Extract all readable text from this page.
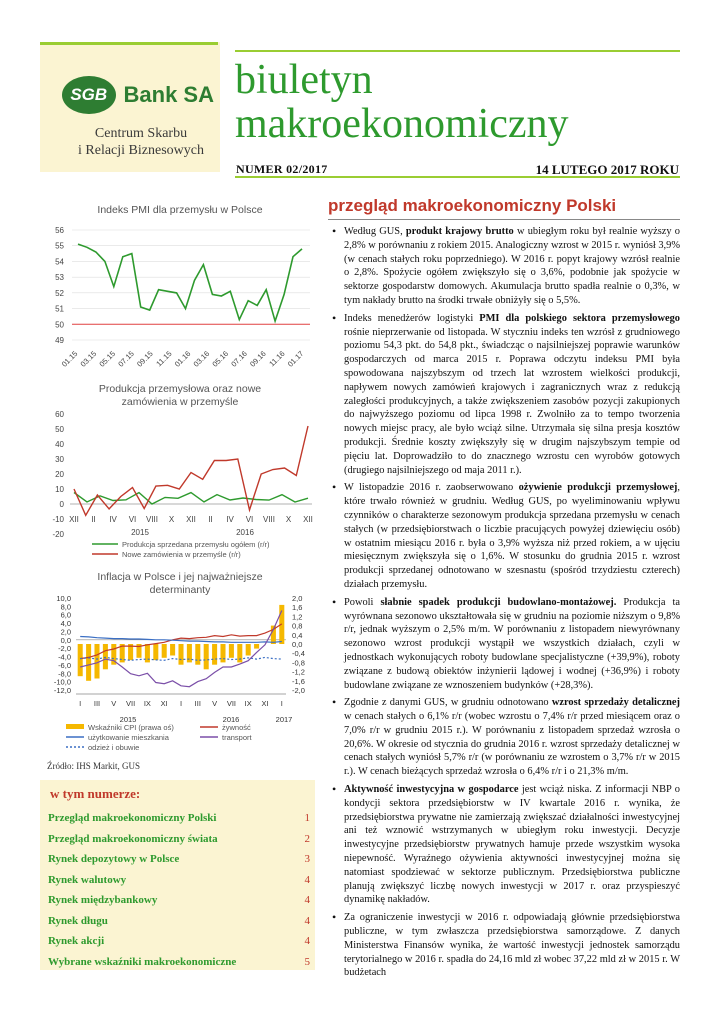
SGB Bank SA
Centrum Skarbu
i Relacji Biznesowych
biuletyn
makroekonomiczny
NUMER 02/2017	14 LUTEGO 2017 ROKU
przegląd makroekonomiczny Polski
• Według GUS, produkt krajowy brutto w ubiegłym roku był realnie wyższy o 2,8% w porównaniu z rokiem 2015. Analogiczny wzrost w 2015 r. wyniósł 3,9% (w cenach stałych roku poprzedniego). W 2016 r. popyt krajowy wzrósł realnie o 2,8%. Spożycie ogółem zwiększyło się o 3,6%, podobnie jak spożycie w sektorze gospodarstw domowych. Akumulacja brutto spadła realnie o 0,3%, w tym nakłady brutto na środki trwałe obniżyły się o 5,5%.
• Indeks menedżerów logistyki PMI dla polskiego sektora przemysłowego rośnie nieprzerwanie od listopada. W styczniu indeks ten wzrósł z grudniowego poziomu 54,3 pkt. do 54,8 pkt., świadcząc o najsilniejszej poprawie warunków gospodarczych od marca 2015 r. Poprawa odczytu indeksu PMI była spowodowana najszybszym od trzech lat wzrostem wielkości produkcji, napływem nowych zamówień krajowych i zagranicznych wraz z redukcją zaległości produkcyjnych, a także zwiększeniem zasobów pozycji zakupionych do najwyższego poziomu od lipca 1998 r. Zwolniło za to tempo tworzenia nowych miejsc pracy, ale było wciąż silne. Utrzymała się silna presja kosztów produkcji. Średnie koszty zwiększyły się w drugim najszybszym tempie od pięciu lat. Doprowadziło to do znacznego wzrostu cen wyrobów gotowych (drugiego najsilniejszego od maja 2011 r.).
• W listopadzie 2016 r. zaobserwowano ożywienie produkcji przemysłowej, które trwało również w grudniu. Według GUS, po wyeliminowaniu wpływu czynników o charakterze sezonowym produkcja sprzedana przemysłu w cenach stałych (w przedsiębiorstwach o liczbie pracujących powyżej dziewięciu osób) w ostatnim miesiącu 2016 r. była o 3,9% wyższa niż przed rokiem, a w ujęciu miesięcznym zwiększyła się o 1,6%. W stosunku do grudnia 2015 r. wzrost produkcji sprzedanej odnotowano w szesnastu (spośród trzydziestu czterech) działach przemysłu.
• Powoli słabnie spadek produkcji budowlano-montażowej. Produkcja ta wyrównana sezonowo ukształtowała się w grudniu na poziomie niższym o 9,8% r/r, jednak wyższym o 2,5% m/m. W porównaniu z listopadem niewyrównany sezonowo wzrost produkcji wystąpił we wszystkich działach, czyli w jednostkach wykonujących roboty budowlane specjalistyczne (+39,9%), roboty związane z budową obiektów inżynierii lądowej i wodnej (+36,9%) i roboty budowlane związane ze wznoszeniem budynków (+28,3%).
• Zgodnie z danymi GUS, w grudniu odnotowano wzrost sprzedaży detalicznej w cenach stałych o 6,1% r/r (wobec wzrostu o 7,4% r/r przed miesiącem oraz o 7,0% r/r w grudniu 2015 r.). W porównaniu z listopadem sprzedaż wzrosła o 20,6%. W okresie od stycznia do grudnia 2016 r. wzrost sprzedaży detalicznej w cenach stałych wyniósł 5,7% r/r (w porównaniu ze wzrostem o 3,7% r/r w 2015 r.). W cenach bieżących sprzedaż wzrosła o 6,4% r/r i o 21,3% m/m.
• Aktywność inwestycyjna w gospodarce jest wciąż niska. Z informacji NBP o kondycji sektora przedsiębiorstw w IV kwartale 2016 r. wynika, że przedsiębiorstwa prywatne nie zamierzają zwiększać działalności inwestycyjnej ani też wznowić wstrzymanych w ubiegłym roku inwestycji. Decyzje inwestycyjne przedsiębiorstw prywatnych hamuje przede wszystkim wysoka niepewność. Wyraźnego ożywienia aktywności inwestycyjnej można się natomiast spodziewać w sektorze publicznym. Przedsiębiorstwa publiczne planują zwiększyć liczbę nowych inwestycji w 2017 r. oraz przyspieszyć dynamikę nakładów.
• Za ograniczenie inwestycji w 2016 r. odpowiadają głównie przedsiębiorstwa publiczne, w tym zwłaszcza przedsiębiorstwa samorządowe. Z danych Ministerstwa Finansów wynika, że wartość inwestycji jednostek samorządu terytorialnego w 2016 r. spadła do 24,16 mld zł wobec 37,22 mld zł w 2015 r. W budżetach
Indeks PMI dla przemysłu w Polsce
49
50
51
52
53
54
55
56
01.15 03.15 05.15 07.15 09.15 11.15 01.16 03.16 05.16 07.16 09.16 11.16 01.17
Produkcja przemysłowa oraz nowe
zamówienia w przemyśle
-20
-10
0
10
20
30
40
50
60
XII II IV VI VIII X XII II IV VI VIII X XII
2015	2016
Produkcja sprzedana przemysłu ogółem (r/r)
Nowe zamówienia w przemyśle (r/r)
Inflacja w Polsce i jej najważniejsze
determinanty
-12,0
-10,0
-8,0
-6,0
-4,0
-2,0
0,0
2,0
4,0
6,0
8,0
10,0
-2,0
-1,6
-1,2
-0,8
-0,4
0,0
0,4
0,8
1,2
1,6
2,0
I III V VII IX XI I III V VII IX XI I
2015	2016	2017
Wskaźniki CPI (prawa oś)	żywność
użytkowanie mieszkania	transport
odzież i obuwie
Źródło: IHS Markit, GUS
w tym numerze:
Przegląd makroekonomiczny Polski	1
Przegląd makroekonomiczny świata	2
Rynek depozytowy w Polsce	3
Rynek walutowy	4
Rynek międzybankowy	4
Rynek długu	4
Rynek akcji	4
Wybrane wskaźniki makroekonomiczne	5
